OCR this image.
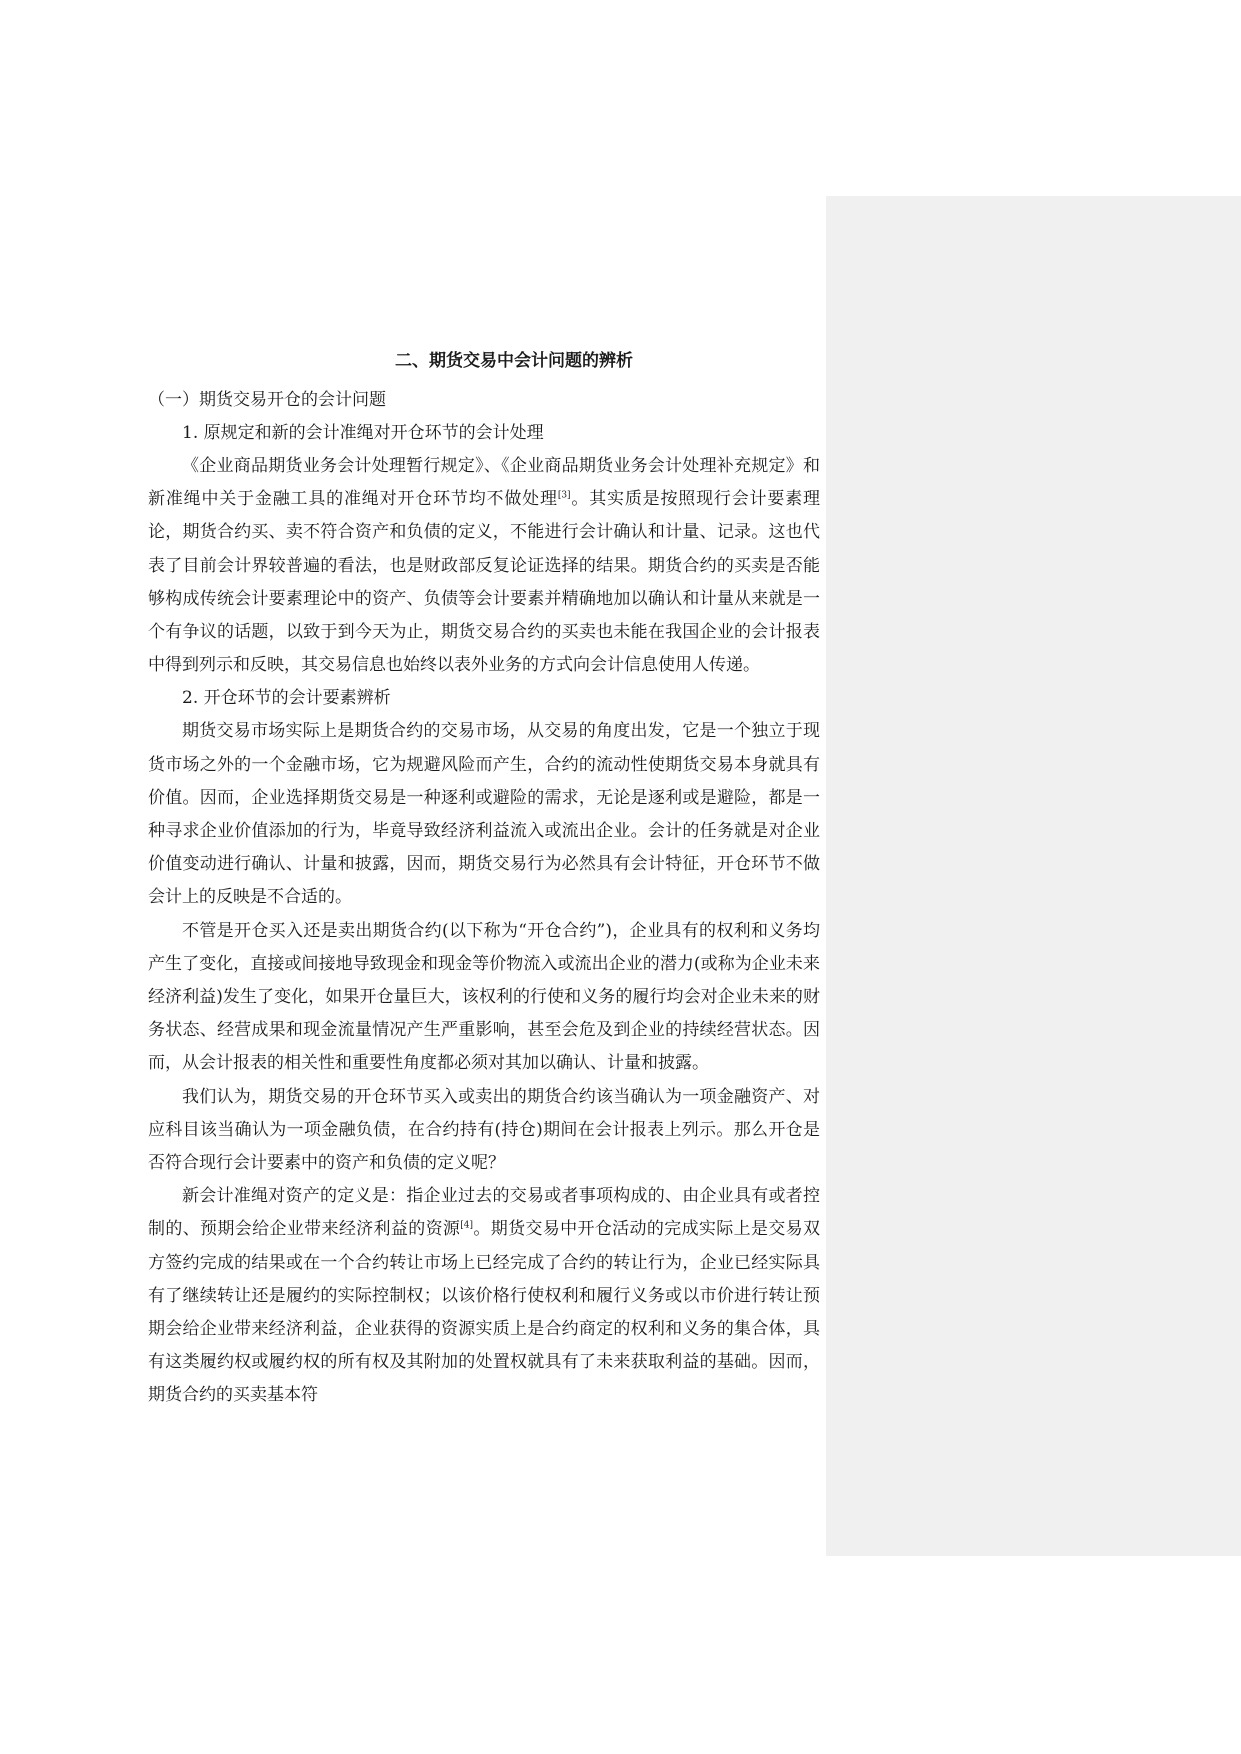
二、期货交易中会计问题的辨析

（一）期货交易开仓的会计问题

1. 原规定和新的会计准绳对开仓环节的会计处理

《企业商品期货业务会计处理暂行规定》、《企业商品期货业务会计处理补充规定》和新准绳中关于金融工具的准绳对开仓环节均不做处理[3]。其实质是按照现行会计要素理论，期货合约买、卖不符合资产和负债的定义，不能进行会计确认和计量、记录。这也代表了目前会计界较普遍的看法，也是财政部反复论证选择的结果。期货合约的买卖是否能够构成传统会计要素理论中的资产、负债等会计要素并精确地加以确认和计量从来就是一个有争议的话题，以致于到今天为止，期货交易合约的买卖也未能在我国企业的会计报表中得到列示和反映，其交易信息也始终以表外业务的方式向会计信息使用人传递。

2. 开仓环节的会计要素辨析

期货交易市场实际上是期货合约的交易市场，从交易的角度出发，它是一个独立于现货市场之外的一个金融市场，它为规避风险而产生，合约的流动性使期货交易本身就具有价值。因而，企业选择期货交易是一种逐利或避险的需求，无论是逐利或是避险，都是一种寻求企业价值添加的行为，毕竟导致经济利益流入或流出企业。会计的任务就是对企业价值变动进行确认、计量和披露，因而，期货交易行为必然具有会计特征，开仓环节不做会计上的反映是不合适的。

不管是开仓买入还是卖出期货合约(以下称为“开仓合约”)，企业具有的权利和义务均产生了变化，直接或间接地导致现金和现金等价物流入或流出企业的潜力(或称为企业未来经济利益)发生了变化，如果开仓量巨大，该权利的行使和义务的履行均会对企业未来的财务状态、经营成果和现金流量情况产生严重影响，甚至会危及到企业的持续经营状态。因而，从会计报表的相关性和重要性角度都必须对其加以确认、计量和披露。

我们认为，期货交易的开仓环节买入或卖出的期货合约该当确认为一项金融资产、对应科目该当确认为一项金融负债，在合约持有(持仓)期间在会计报表上列示。那么开仓是否符合现行会计要素中的资产和负债的定义呢？

新会计准绳对资产的定义是：指企业过去的交易或者事项构成的、由企业具有或者控制的、预期会给企业带来经济利益的资源[4]。期货交易中开仓活动的完成实际上是交易双方签约完成的结果或在一个合约转让市场上已经完成了合约的转让行为，企业已经实际具有了继续转让还是履约的实际控制权；以该价格行使权利和履行义务或以市价进行转让预期会给企业带来经济利益，企业获得的资源实质上是合约商定的权利和义务的集合体，具有这类履约权或履约权的所有权及其附加的处置权就具有了未来获取利益的基础。因而，期货合约的买卖基本符
